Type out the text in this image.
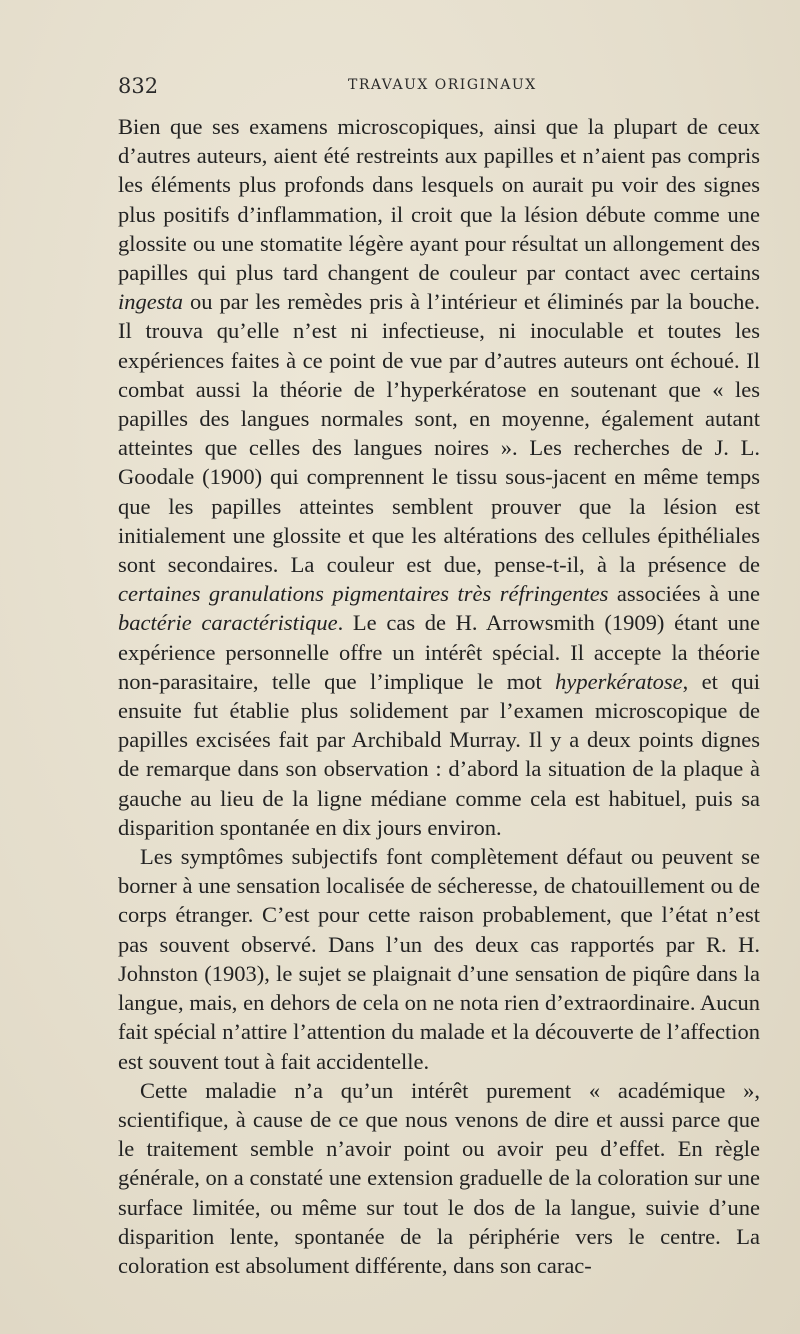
832	TRAVAUX ORIGINAUX

Bien que ses examens microscopiques, ainsi que la plupart de ceux d’autres auteurs, aient été restreints aux papilles et n’aient pas compris les éléments plus profonds dans lesquels on aurait pu voir des signes plus positifs d’inflammation, il croit que la lésion débute comme une glossite ou une stomatite légère ayant pour résultat un allongement des papilles qui plus tard changent de couleur par contact avec certains ingesta ou par les remèdes pris à l’intérieur et éliminés par la bouche. Il trouva qu’elle n’est ni infectieuse, ni inoculable et toutes les expériences faites à ce point de vue par d’autres auteurs ont échoué. Il combat aussi la théorie de l’hyperkératose en soutenant que « les papilles des langues normales sont, en moyenne, également autant atteintes que celles des langues noires ». Les recherches de J. L. Goodale (1900) qui comprennent le tissu sous-jacent en même temps que les papilles atteintes semblent prouver que la lésion est initialement une glossite et que les altérations des cellules épithéliales sont secondaires. La couleur est due, pense-t-il, à la présence de certaines granulations pigmentaires très réfringentes associées à une bactérie caractéristique. Le cas de H. Arrowsmith (1909) étant une expérience personnelle offre un intérêt spécial. Il accepte la théorie non-parasitaire, telle que l’implique le mot hyperkératose, et qui ensuite fut établie plus solidement par l’examen microscopique de papilles excisées fait par Archibald Murray. Il y a deux points dignes de remarque dans son observation : d’abord la situation de la plaque à gauche au lieu de la ligne médiane comme cela est habituel, puis sa disparition spontanée en dix jours environ.

Les symptômes subjectifs font complètement défaut ou peuvent se borner à une sensation localisée de sécheresse, de chatouillement ou de corps étranger. C’est pour cette raison probablement, que l’état n’est pas souvent observé. Dans l’un des deux cas rapportés par R. H. Johnston (1903), le sujet se plaignait d’une sensation de piqûre dans la langue, mais, en dehors de cela on ne nota rien d’extraordinaire. Aucun fait spécial n’attire l’attention du malade et la découverte de l’affection est souvent tout à fait accidentelle.

Cette maladie n’a qu’un intérêt purement « académique », scientifique, à cause de ce que nous venons de dire et aussi parce que le traitement semble n’avoir point ou avoir peu d’effet. En règle générale, on a constaté une extension graduelle de la coloration sur une surface limitée, ou même sur tout le dos de la langue, suivie d’une disparition lente, spontanée de la périphérie vers le centre. La coloration est absolument différente, dans son carac-
